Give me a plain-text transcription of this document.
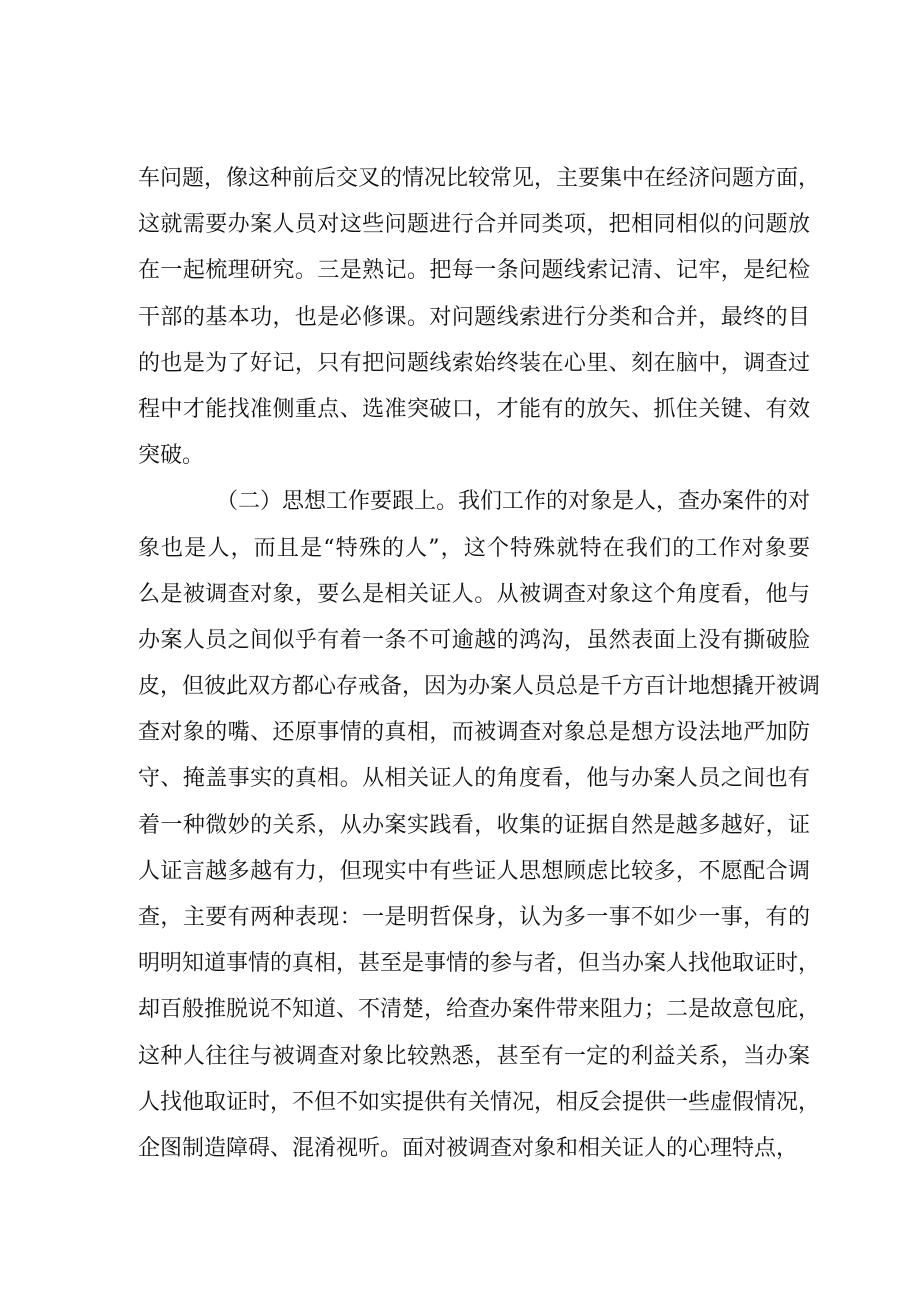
车问题，像这种前后交叉的情况比较常见，主要集中在经济问题方面，
这就需要办案人员对这些问题进行合并同类项，把相同相似的问题放
在一起梳理研究。三是熟记。把每一条问题线索记清、记牢，是纪检
干部的基本功，也是必修课。对问题线索进行分类和合并，最终的目
的也是为了好记，只有把问题线索始终装在心里、刻在脑中，调查过
程中才能找准侧重点、选准突破口，才能有的放矢、抓住关键、有效
突破。
（二）思想工作要跟上。我们工作的对象是人，查办案件的对
象也是人，而且是“特殊的人”，这个特殊就特在我们的工作对象要
么是被调查对象，要么是相关证人。从被调查对象这个角度看，他与
办案人员之间似乎有着一条不可逾越的鸿沟，虽然表面上没有撕破脸
皮，但彼此双方都心存戒备，因为办案人员总是千方百计地想撬开被调
查对象的嘴、还原事情的真相，而被调查对象总是想方设法地严加防
守、掩盖事实的真相。从相关证人的角度看，他与办案人员之间也有
着一种微妙的关系，从办案实践看，收集的证据自然是越多越好，证
人证言越多越有力，但现实中有些证人思想顾虑比较多，不愿配合调
查，主要有两种表现：一是明哲保身，认为多一事不如少一事，有的
明明知道事情的真相，甚至是事情的参与者，但当办案人找他取证时，
却百般推脱说不知道、不清楚，给查办案件带来阻力；二是故意包庇，
这种人往往与被调查对象比较熟悉，甚至有一定的利益关系，当办案
人找他取证时，不但不如实提供有关情况，相反会提供一些虚假情况，
企图制造障碍、混淆视听。面对被调查对象和相关证人的心理特点，
